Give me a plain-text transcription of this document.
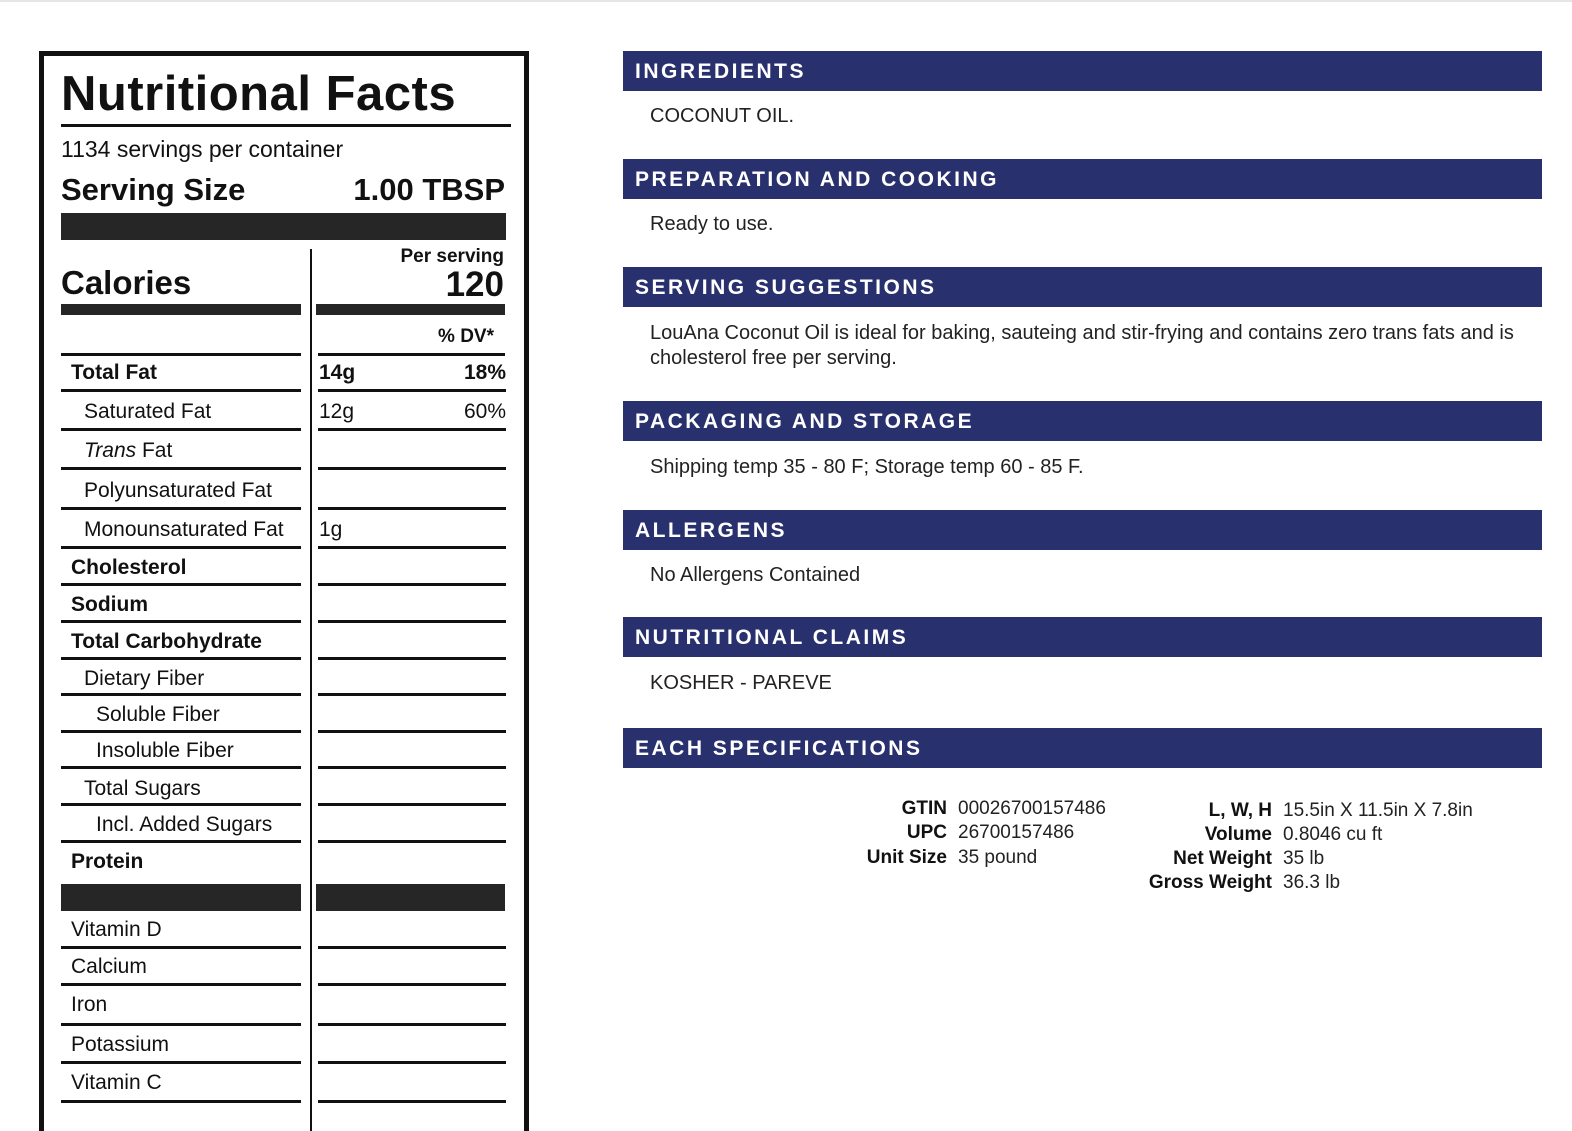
Nutritional Facts
1134 servings per container
Serving Size	1.00 TBSP
Per serving
Calories	120
% DV*
Total Fat	14g	18%
Saturated Fat	12g	60%
Trans Fat
Polyunsaturated Fat
Monounsaturated Fat 1g
Cholesterol
Sodium
Total Carbohydrate
Dietary Fiber
Soluble Fiber
Insoluble Fiber
Total Sugars
Incl. Added Sugars
Protein
Vitamin D
Calcium
Iron
Potassium
Vitamin C
INGREDIENTS
COCONUT OIL.
PREPARATION AND COOKING
Ready to use.
SERVING SUGGESTIONS
LouAna Coconut Oil is ideal for baking, sauteing and stir-frying and contains zero trans fats and is cholesterol free per serving.
PACKAGING AND STORAGE
Shipping temp 35 - 80 F; Storage temp 60 - 85 F.
ALLERGENS
No Allergens Contained
NUTRITIONAL CLAIMS
KOSHER - PAREVE
EACH SPECIFICATIONS
GTIN 00026700157486
UPC 26700157486
Unit Size 35 pound
L, W, H 15.5in X 11.5in X 7.8in
Volume 0.8046 cu ft
Net Weight 35 lb
Gross Weight 36.3 lb
